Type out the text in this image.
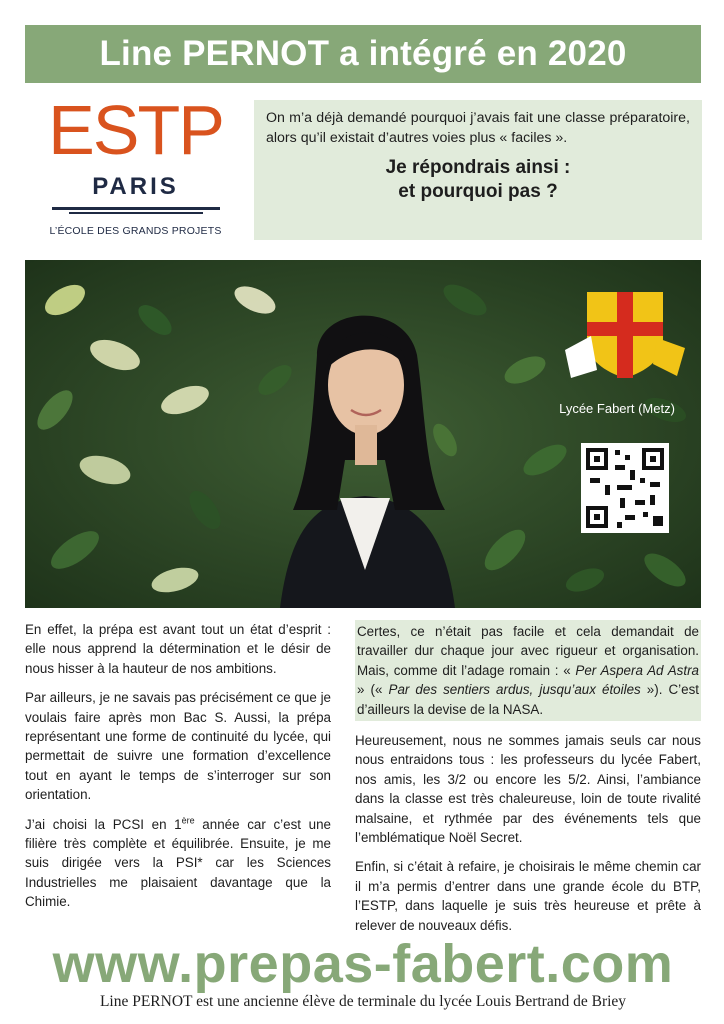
Line PERNOT a intégré en 2020
ESTP
PARIS
L’ÉCOLE DES GRANDS PROJETS

On m’a déjà demandé pourquoi j’avais fait une classe préparatoire, alors qu’il existait d’autres voies plus « faciles ».

Je répondrais ainsi :
et pourquoi pas ?

Lycée Fabert (Metz)

En effet, la prépa est avant tout un état d’esprit : elle nous apprend la détermination et le désir de nous hisser à la hauteur de nos ambitions.

Par ailleurs, je ne savais pas précisément ce que je voulais faire après mon Bac S. Aussi, la prépa représentant une forme de continuité du lycée, qui permettait de suivre une formation d’excellence tout en ayant le temps de s’interroger sur son orientation.

J’ai choisi la PCSI en 1ère année car c’est une filière très complète et équilibrée. Ensuite, je me suis dirigée vers la PSI* car les Sciences Industrielles me plaisaient davantage que la Chimie.

Certes, ce n’était pas facile et cela demandait de travailler dur chaque jour avec rigueur et organisation. Mais, comme dit l’adage romain : « Per Aspera Ad Astra » (« Par des sentiers ardus, jusqu’aux étoiles »). C’est d’ailleurs la devise de la NASA.

Heureusement, nous ne sommes jamais seuls car nous nous entraidons tous : les professeurs du lycée Fabert, nos amis, les 3/2 ou encore les 5/2. Ainsi, l’ambiance dans la classe est très chaleureuse, loin de toute rivalité malsaine, et rythmée par des événements tels que l’emblématique Noël Secret.

Enfin, si c’était à refaire, je choisirais le même chemin car il m’a permis d’entrer dans une grande école du BTP, l’ESTP, dans laquelle je suis très heureuse et prête à relever de nouveaux défis.

www.prepas-fabert.com
Line PERNOT est une ancienne élève de terminale du lycée Louis Bertrand de Briey
